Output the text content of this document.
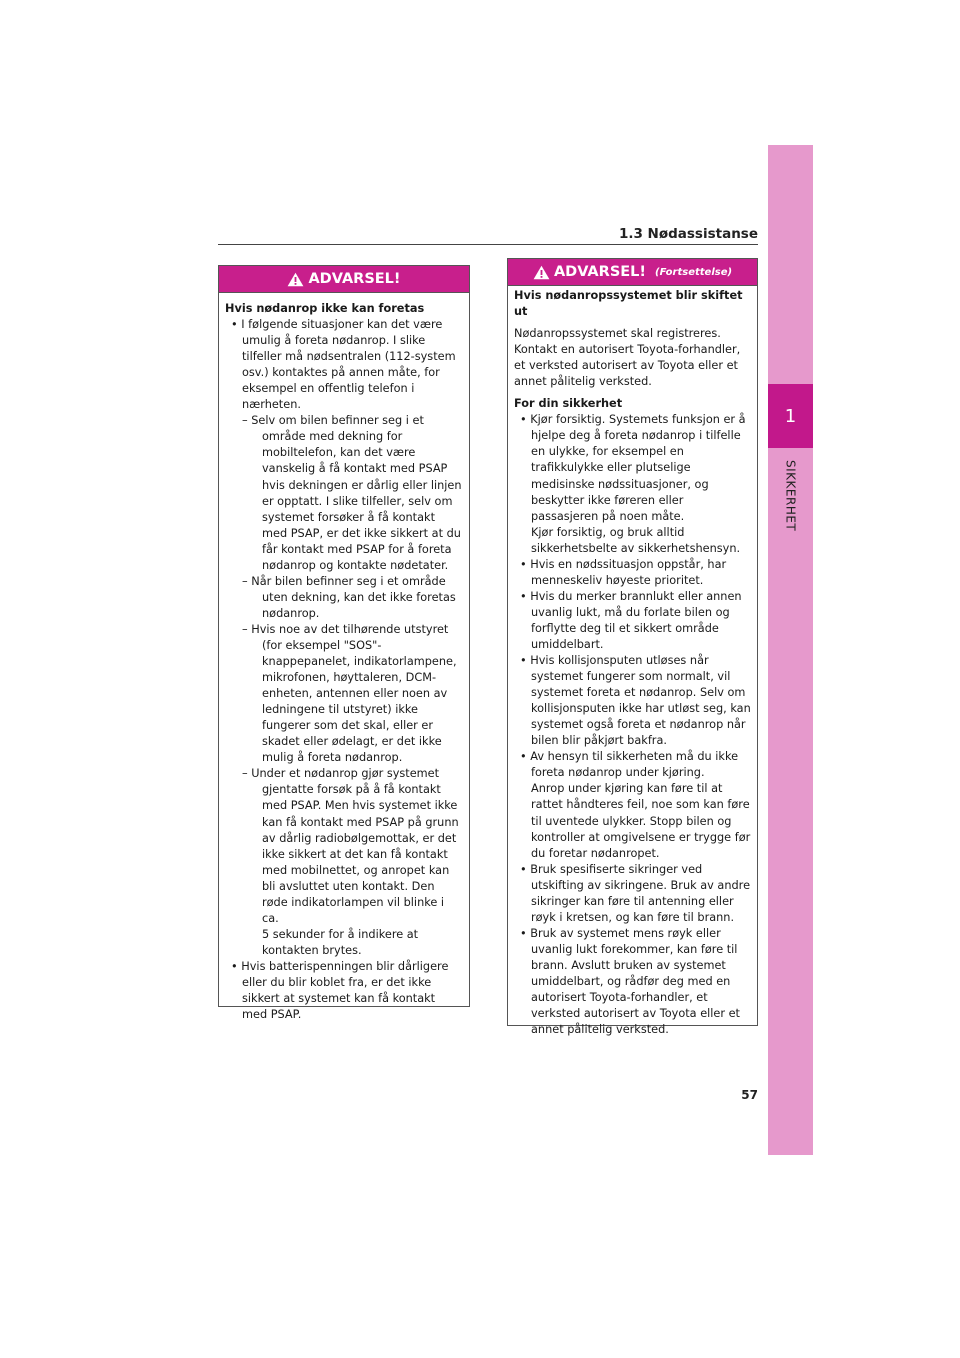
1.3 Nødassistanse
1
SIKKERHET
ADVARSEL!

Hvis nødanrop ikke kan foretas

• I følgende situasjoner kan det være umulig å foreta nødanrop. I slike tilfeller må nødsentralen (112-system osv.) kontaktes på annen måte, for eksempel en offentlig telefon i nærheten.

– Selv om bilen befinner seg i et område med dekning for mobiltelefon, kan det være vanskelig å få kontakt med PSAP hvis dekningen er dårlig eller linjen er opptatt. I slike tilfeller, selv om systemet forsøker å få kontakt med PSAP, er det ikke sikkert at du får kontakt med PSAP for å foreta nødanrop og kontakte nødetater.

– Når bilen befinner seg i et område uten dekning, kan det ikke foretas nødanrop.

– Hvis noe av det tilhørende utstyret (for eksempel "SOS"-knappepanelet, indikatorlampene, mikrofonen, høyttaleren, DCM-enheten, antennen eller noen av ledningene til utstyret) ikke fungerer som det skal, eller er skadet eller ødelagt, er det ikke mulig å foreta nødanrop.

– Under et nødanrop gjør systemet gjentatte forsøk på å få kontakt med PSAP. Men hvis systemet ikke kan få kontakt med PSAP på grunn av dårlig radiobølgemottak, er det ikke sikkert at det kan få kontakt med mobilnettet, og anropet kan bli avsluttet uten kontakt. Den røde indikatorlampen vil blinke i ca.

5 sekunder for å indikere at kontakten brytes.

• Hvis batterispenningen blir dårligere eller du blir koblet fra, er det ikke sikkert at systemet kan få kontakt med PSAP.

ADVARSEL! (Fortsettelse)

Hvis nødanropssystemet blir skiftet ut

Nødanropssystemet skal registreres. Kontakt en autorisert Toyota-forhandler, et verksted autorisert av Toyota eller et annet pålitelig verksted.

For din sikkerhet

• Kjør forsiktig. Systemets funksjon er å hjelpe deg å foreta nødanrop i tilfelle en ulykke, for eksempel en trafikkulykke eller plutselige medisinske nødssituasjoner, og beskytter ikke føreren eller passasjeren på noen måte.

Kjør forsiktig, og bruk alltid sikkerhetsbelte av sikkerhetshensyn.

• Hvis en nødssituasjon oppstår, har menneskeliv høyeste prioritet.

• Hvis du merker brannlukt eller annen uvanlig lukt, må du forlate bilen og forflytte deg til et sikkert område umiddelbart.

• Hvis kollisjonsputen utløses når systemet fungerer som normalt, vil systemet foreta et nødanrop. Selv om kollisjonsputen ikke har utløst seg, kan systemet også foreta et nødanrop når bilen blir påkjørt bakfra.

• Av hensyn til sikkerheten må du ikke foreta nødanrop under kjøring.

Anrop under kjøring kan føre til at rattet håndteres feil, noe som kan føre til uventede ulykker. Stopp bilen og kontroller at omgivelsene er trygge før du foretar nødanropet.

• Bruk spesifiserte sikringer ved utskifting av sikringene. Bruk av andre sikringer kan føre til antenning eller røyk i kretsen, og kan føre til brann.

• Bruk av systemet mens røyk eller uvanlig lukt forekommer, kan føre til brann. Avslutt bruken av systemet umiddelbart, og rådfør deg med en autorisert Toyota-forhandler, et verksted autorisert av Toyota eller et annet pålitelig verksted.

57
